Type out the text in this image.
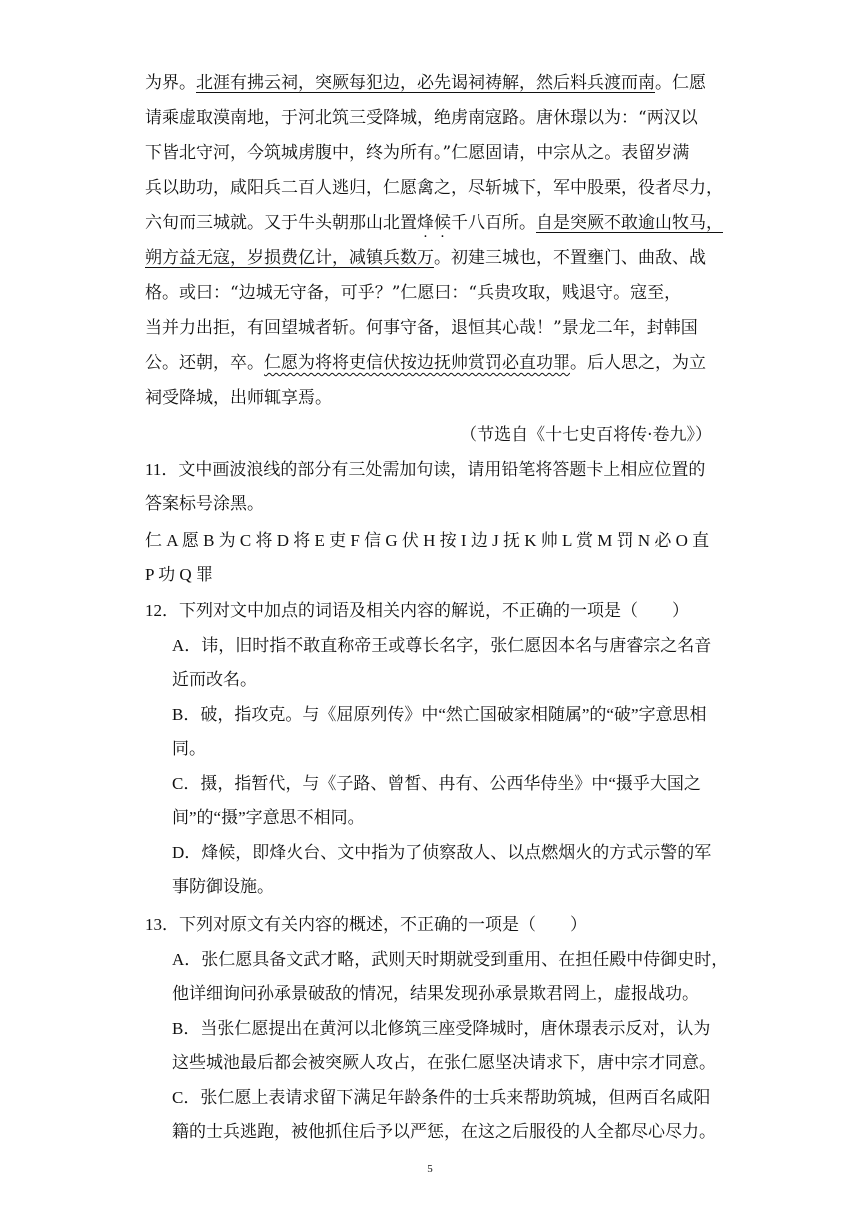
为界。北涯有拂云祠，突厥每犯边，必先谒祠祷解，然后料兵渡而南。仁愿
请乘虚取漠南地，于河北筑三受降城，绝虏南寇路。唐休璟以为：“两汉以
下皆北守河，今筑城虏腹中，终为所有。”仁愿固请，中宗从之。表留岁满
兵以助功，咸阳兵二百人逃归，仁愿禽之，尽斩城下，军中股栗，役者尽力，
六旬而三城就。又于牛头朝那山北置烽候千八百所。自是突厥不敢逾山牧马，
朔方益无寇，岁损费亿计，减镇兵数万。初建三城也，不置壅门、曲敌、战
格。或曰：“边城无守备，可乎？”仁愿曰：“兵贵攻取，贱退守。寇至，
当并力出拒，有回望城者斩。何事守备，退恒其心哉！”景龙二年，封韩国
公。还朝，卒。仁愿为将将吏信伏按边抚帅赏罚必直功罪。后人思之，为立
祠受降城，出师辄享焉。
（节选自《十七史百将传·卷九》）
11．文中画波浪线的部分有三处需加句读，请用铅笔将答题卡上相应位置的
答案标号涂黑。
仁 A 愿 B 为 C 将 D 将 E 吏 F 信 G 伏 H 按 I 边 J 抚 K 帅 L 赏 M 罚 N 必 O 直
P 功 Q 罪
12．下列对文中加点的词语及相关内容的解说，不正确的一项是（　　）
A．讳，旧时指不敢直称帝王或尊长名字，张仁愿因本名与唐睿宗之名音
近而改名。
B．破，指攻克。与《屈原列传》中“然亡国破家相随属”的“破”字意思相
同。
C．摄，指暂代，与《子路、曾皙、冉有、公西华侍坐》中“摄乎大国之
间”的“摄”字意思不相同。
D．烽候，即烽火台、文中指为了侦察敌人、以点燃烟火的方式示警的军
事防御设施。
13．下列对原文有关内容的概述，不正确的一项是（　　）
A．张仁愿具备文武才略，武则天时期就受到重用、在担任殿中侍御史时，
他详细询问孙承景破敌的情况，结果发现孙承景欺君罔上，虚报战功。
B．当张仁愿提出在黄河以北修筑三座受降城时，唐休璟表示反对，认为
这些城池最后都会被突厥人攻占，在张仁愿坚决请求下，唐中宗才同意。
C．张仁愿上表请求留下满足年龄条件的士兵来帮助筑城，但两百名咸阳
籍的士兵逃跑，被他抓住后予以严惩，在这之后服役的人全都尽心尽力。
5
